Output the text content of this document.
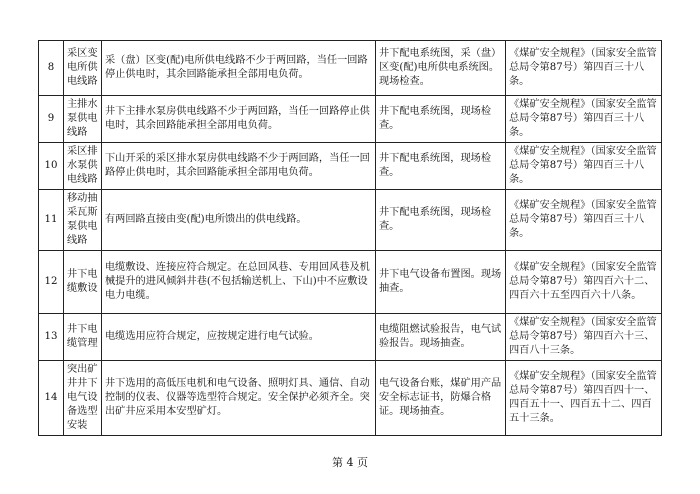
8	采区变电所供电线路	采（盘）区变(配)电所供电线路不少于两回路，当任一回路停止供电时，其余回路能承担全部用电负荷。	井下配电系统图，采（盘）区变(配)电所供电系统图。现场检查。	《煤矿安全规程》（国家安全监管总局令第87号）第四百三十八条。
9	主排水泵供电线路	井下主排水泵房供电线路不少于两回路，当任一回路停止供电时，其余回路能承担全部用电负荷。	井下配电系统图，现场检查。	《煤矿安全规程》（国家安全监管总局令第87号）第四百三十八条。
10	采区排水泵供电线路	下山开采的采区排水泵房供电线路不少于两回路，当任一回路停止供电时，其余回路能承担全部用电负荷。	井下配电系统图，现场检查。	《煤矿安全规程》（国家安全监管总局令第87号）第四百三十八条。
11	移动抽采瓦斯泵供电线路	有两回路直接由变(配)电所馈出的供电线路。	井下配电系统图，现场检查。	《煤矿安全规程》（国家安全监管总局令第87号）第四百三十八条。
12	井下电缆敷设	电缆敷设、连接应符合规定。在总回风巷、专用回风巷及机械提升的进风倾斜井巷(不包括输送机上、下山)中不应敷设电力电缆。	井下电气设备布置图。现场抽查。	《煤矿安全规程》（国家安全监管总局令第87号）第四百六十二、四百六十五至四百六十八条。
13	井下电缆管理	电缆选用应符合规定，应按规定进行电气试验。	电缆阻燃试验报告，电气试验报告。现场抽查。	《煤矿安全规程》（国家安全监管总局令第87号）第四百六十三、四百八十三条。
14	突出矿井井下电气设备选型安装	井下选用的高低压电机和电气设备、照明灯具、通信、自动控制的仪表、仪器等选型符合规定。安全保护必须齐全。突出矿井应采用本安型矿灯。	电气设备台账，煤矿用产品安全标志证书，防爆合格证。现场抽查。	《煤矿安全规程》（国家安全监管总局令第87号）第四百四十一、四百五十一、四百五十二、四百五十三条。
第 4 页
